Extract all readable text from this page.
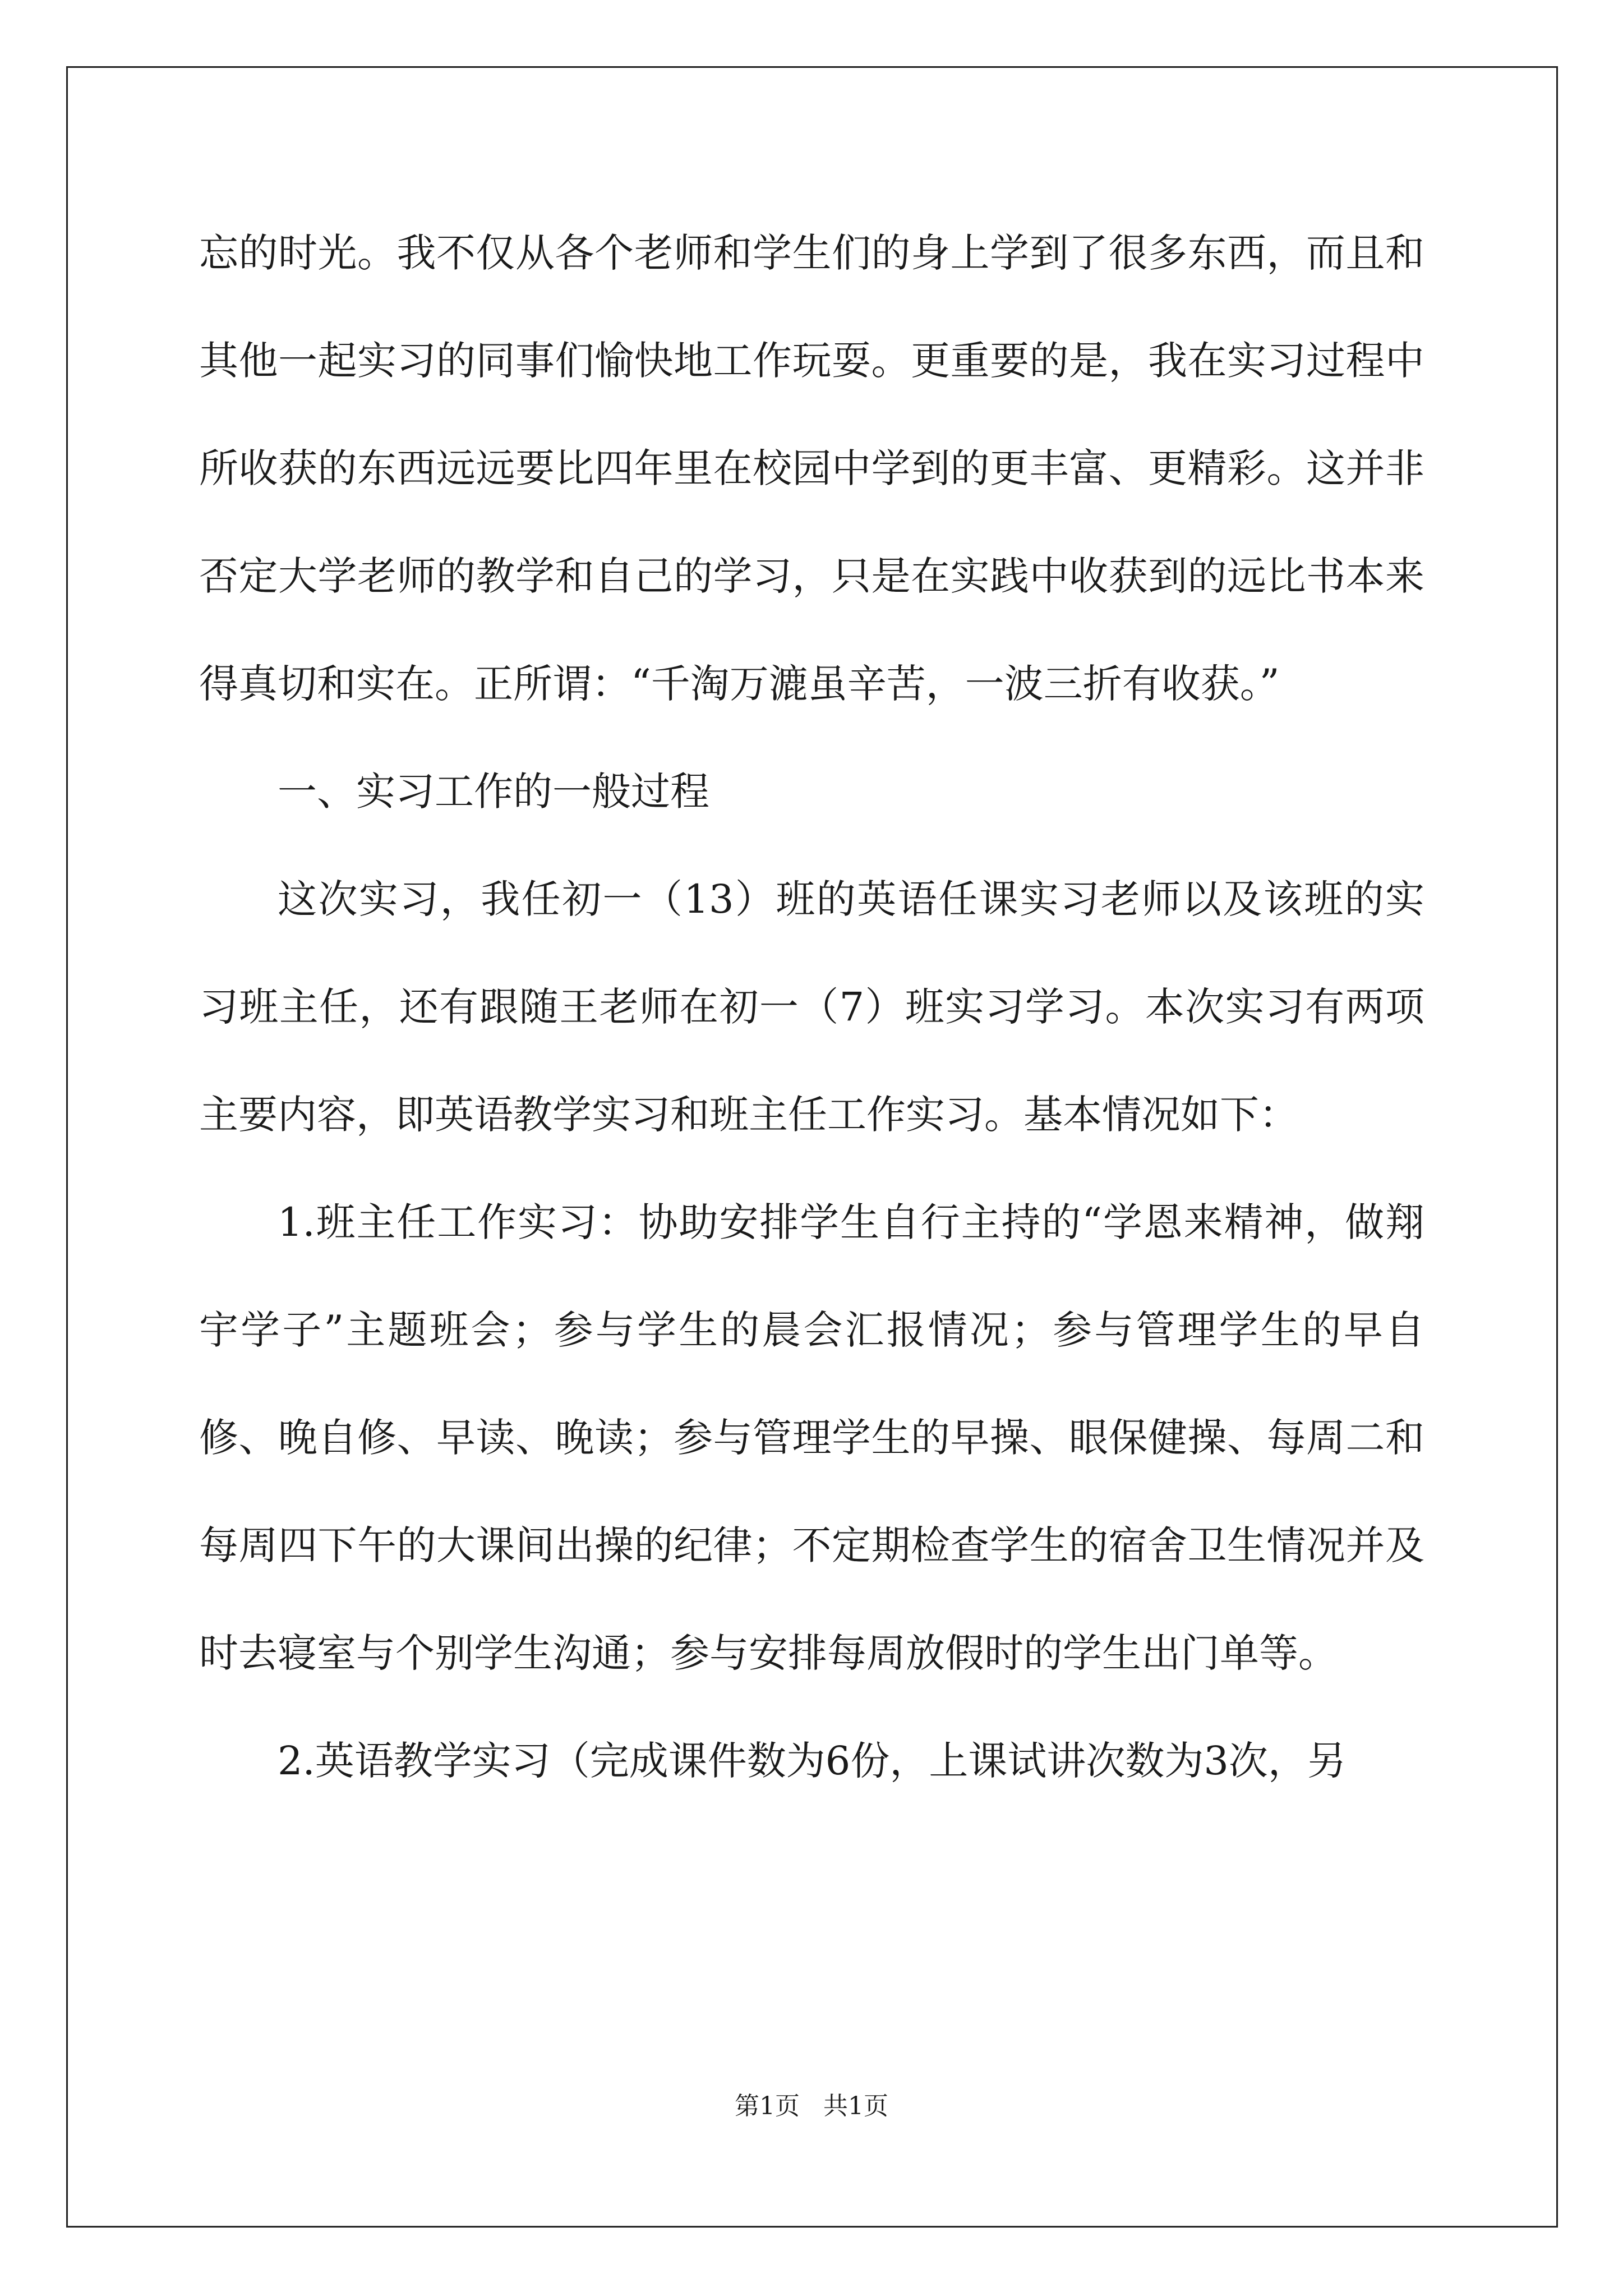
忘的时光。我不仅从各个老师和学生们的身上学到了很多东西，而且和其他一起实习的同事们愉快地工作玩耍。更重要的是，我在实习过程中所收获的东西远远要比四年里在校园中学到的更丰富、更精彩。这并非否定大学老师的教学和自己的学习，只是在实践中收获到的远比书本来得真切和实在。正所谓：“千淘万漉虽辛苦，一波三折有收获。”

一、实习工作的一般过程

这次实习，我任初一（13）班的英语任课实习老师以及该班的实习班主任，还有跟随王老师在初一（7）班实习学习。本次实习有两项主要内容，即英语教学实习和班主任工作实习。基本情况如下：

1.班主任工作实习：协助安排学生自行主持的“学恩来精神，做翔宇学子”主题班会；参与学生的晨会汇报情况；参与管理学生的早自修、晚自修、早读、晚读；参与管理学生的早操、眼保健操、每周二和每周四下午的大课间出操的纪律；不定期检查学生的宿舍卫生情况并及时去寝室与个别学生沟通；参与安排每周放假时的学生出门单等。

2.英语教学实习（完成课件数为6份，上课试讲次数为3次，另

第1页 共1页
